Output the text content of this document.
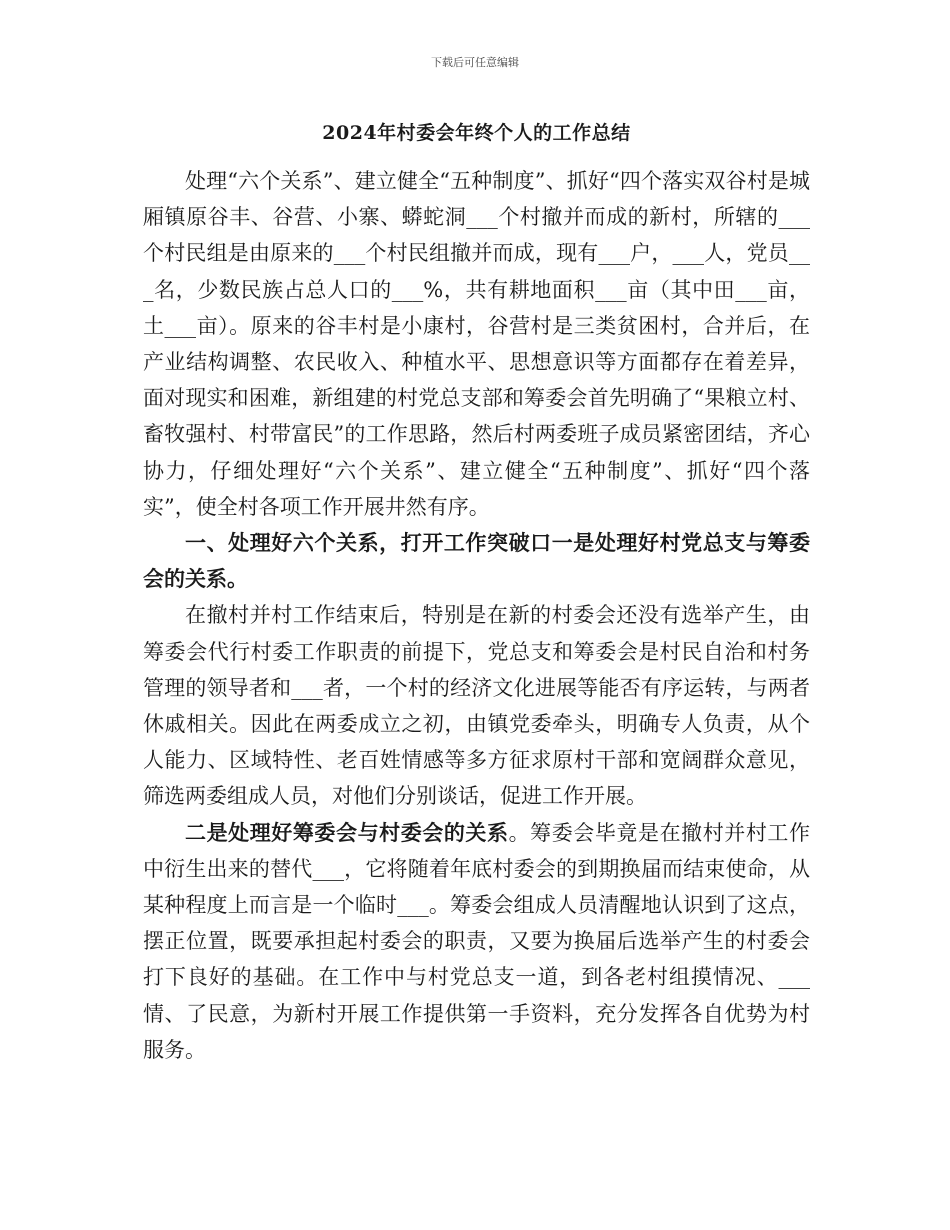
下载后可任意编辑
2024年村委会年终个人的工作总结

处理“六个关系”、建立健全“五种制度”、抓好“四个落实双谷村是城厢镇原谷丰、谷营、小寨、蟒蛇洞___个村撤并而成的新村，所辖的___个村民组是由原来的___个村民组撤并而成，现有___户，___人，党员___名，少数民族占总人口的___%，共有耕地面积___亩（其中田___亩，土___亩）。原来的谷丰村是小康村，谷营村是三类贫困村，合并后，在产业结构调整、农民收入、种植水平、思想意识等方面都存在着差异，面对现实和困难，新组建的村党总支部和筹委会首先明确了“果粮立村、畜牧强村、村带富民”的工作思路，然后村两委班子成员紧密团结，齐心协力，仔细处理好“六个关系”、建立健全“五种制度”、抓好“四个落实”，使全村各项工作开展井然有序。

一、处理好六个关系，打开工作突破口一是处理好村党总支与筹委会的关系。

在撤村并村工作结束后，特别是在新的村委会还没有选举产生，由筹委会代行村委工作职责的前提下，党总支和筹委会是村民自治和村务管理的领导者和___者，一个村的经济文化进展等能否有序运转，与两者休戚相关。因此在两委成立之初，由镇党委牵头，明确专人负责，从个人能力、区域特性、老百姓情感等多方征求原村干部和宽阔群众意见，筛选两委组成人员，对他们分别谈话，促进工作开展。

二是处理好筹委会与村委会的关系。筹委会毕竟是在撤村并村工作中衍生出来的替代___，它将随着年底村委会的到期换届而结束使命，从某种程度上而言是一个临时___。筹委会组成人员清醒地认识到了这点，摆正位置，既要承担起村委会的职责，又要为换届后选举产生的村委会打下良好的基础。在工作中与村党总支一道，到各老村组摸情况、___情、了民意，为新村开展工作提供第一手资料，充分发挥各自优势为村服务。
